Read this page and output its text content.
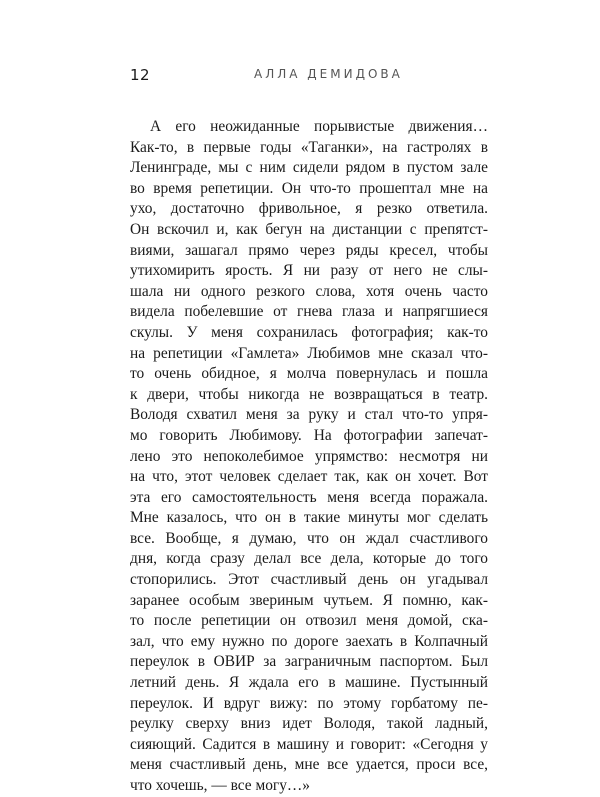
12	АЛЛА ДЕМИДОВА
А его неожиданные порывистые движения…
Как-то, в первые годы «Таганки», на гастролях в
Ленинграде, мы с ним сидели рядом в пустом зале
во время репетиции. Он что-то прошептал мне на
ухо, достаточно фривольное, я резко ответила.
Он вскочил и, как бегун на дистанции с препятст-
виями, зашагал прямо через ряды кресел, чтобы
утихомирить ярость. Я ни разу от него не слы-
шала ни одного резкого слова, хотя очень часто
видела побелевшие от гнева глаза и напрягшиеся
скулы. У меня сохранилась фотография; как-то
на репетиции «Гамлета» Любимов мне сказал что-
то очень обидное, я молча повернулась и пошла
к двери, чтобы никогда не возвращаться в театр.
Володя схватил меня за руку и стал что-то упря-
мо говорить Любимову. На фотографии запечат-
лено это непоколебимое упрямство: несмотря ни
на что, этот человек сделает так, как он хочет. Вот
эта его самостоятельность меня всегда поражала.
Мне казалось, что он в такие минуты мог сделать
все. Вообще, я думаю, что он ждал счастливого
дня, когда сразу делал все дела, которые до того
стопорились. Этот счастливый день он угадывал
заранее особым звериным чутьем. Я помню, как-
то после репетиции он отвозил меня домой, ска-
зал, что ему нужно по дороге заехать в Колпачный
переулок в ОВИР за заграничным паспортом. Был
летний день. Я ждала его в машине. Пустынный
переулок. И вдруг вижу: по этому горбатому пе-
реулку сверху вниз идет Володя, такой ладный,
сияющий. Садится в машину и говорит: «Сегодня у
меня счастливый день, мне все удается, проси все,
что хочешь, — все могу…»
